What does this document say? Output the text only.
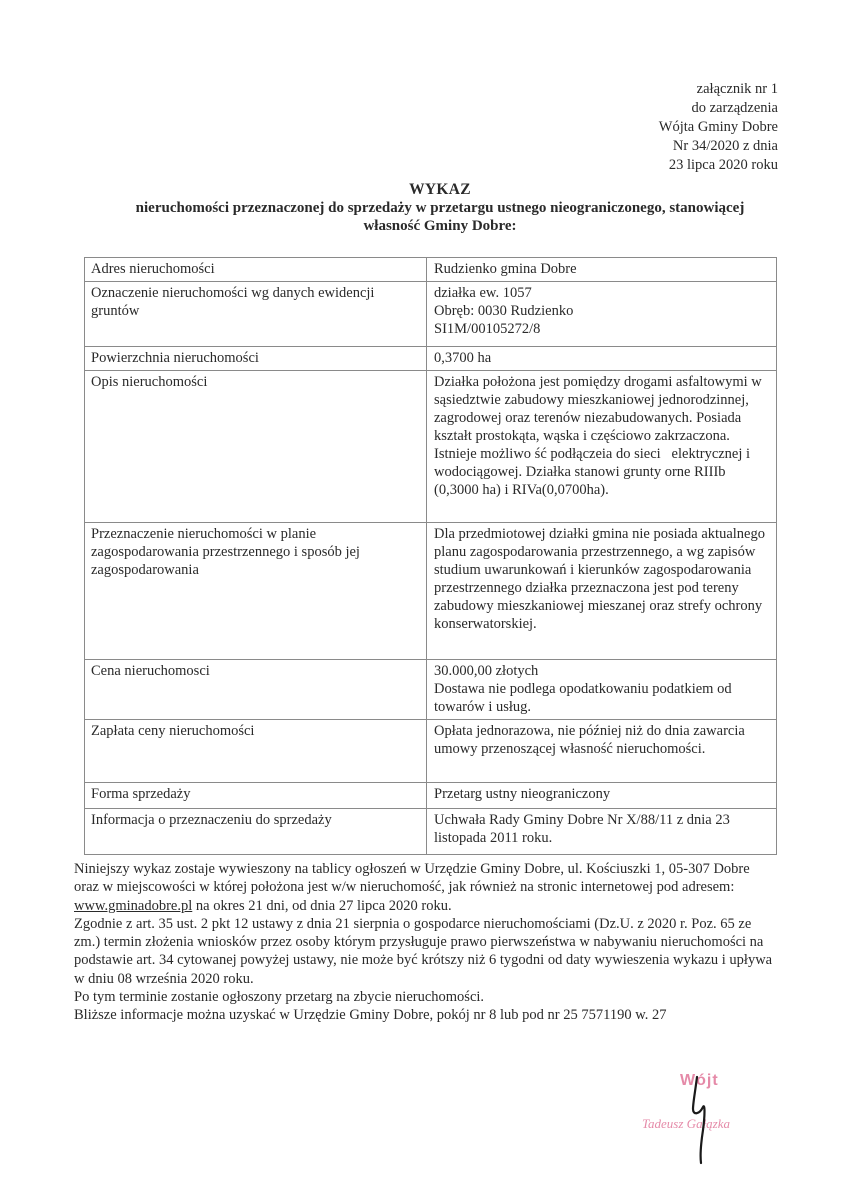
załącznik nr 1
do zarządzenia
Wójta Gminy Dobre
Nr 34/2020 z dnia
23 lipca 2020 roku
WYKAZ
nieruchomości przeznaczonej do sprzedaży w przetargu ustnego nieograniczonego, stanowiącej
własność Gminy Dobre:
Adres nieruchomości	Rudzienko gmina Dobre

Oznaczenie nieruchomości wg danych ewidencji gruntów	działka ew. 1057
Obręb: 0030 Rudzienko
SI1M/00105272/8

Powierzchnia nieruchomości	0,3700 ha

Opis nieruchomości	Działka położona jest pomiędzy drogami asfaltowymi w sąsiedztwie zabudowy mieszkaniowej jednorodzinnej, zagrodowej oraz terenów niezabudowanych. Posiada kształt prostokąta, wąska i częściowo zakrzaczona. Istnieje możliwo ść podłączeia do sieci   elektrycznej i wodociągowej. Działka stanowi grunty orne RIIIb (0,3000 ha) i RIVa(0,0700ha).

Przeznaczenie nieruchomości w planie zagospodarowania przestrzennego i sposób jej zagospodarowania	Dla przedmiotowej działki gmina nie posiada aktualnego planu zagospodarowania przestrzennego, a wg zapisów studium uwarunkowań i kierunków zagospodarowania przestrzennego działka przeznaczona jest pod tereny zabudowy mieszkaniowej mieszanej oraz strefy ochrony konserwatorskiej.

Cena nieruchomosci	30.000,00 złotych
Dostawa nie podlega opodatkowaniu podatkiem od towarów i usług.

Zapłata ceny nieruchomości	Opłata jednorazowa, nie później niż do dnia zawarcia umowy przenoszącej własność nieruchomości.

Forma sprzedaży	Przetarg ustny nieograniczony

Informacja o przeznaczeniu do sprzedaży	Uchwała Rady Gminy Dobre Nr X/88/11 z dnia 23 listopada 2011 roku.

Niniejszy wykaz zostaje wywieszony na tablicy ogłoszeń w Urzędzie Gminy Dobre, ul. Kościuszki 1, 05-307 Dobre oraz w miejscowości w której położona jest w/w nieruchomość, jak również na stronic internetowej pod adresem: www.gminadobre.pl na okres 21 dni, od dnia 27 lipca 2020 roku.

Zgodnie z art. 35 ust. 2 pkt 12 ustawy z dnia 21 sierpnia o gospodarce nieruchomościami (Dz.U. z 2020 r. Poz. 65 ze zm.) termin złożenia wniosków przez osoby którym przysługuje prawo pierwszeństwa w nabywaniu nieruchomości na podstawie art. 34 cytowanej powyżej ustawy, nie może być krótszy niż 6 tygodni od daty wywieszenia wykazu i upływa w dniu 08 września 2020 roku.

Po tym terminie zostanie ogłoszony przetarg na zbycie nieruchomości.

Bliższe informacje można uzyskać w Urzędzie Gminy Dobre, pokój nr 8 lub pod nr 25 7571190 w. 27

Wójt
Tadeusz Gałązka
